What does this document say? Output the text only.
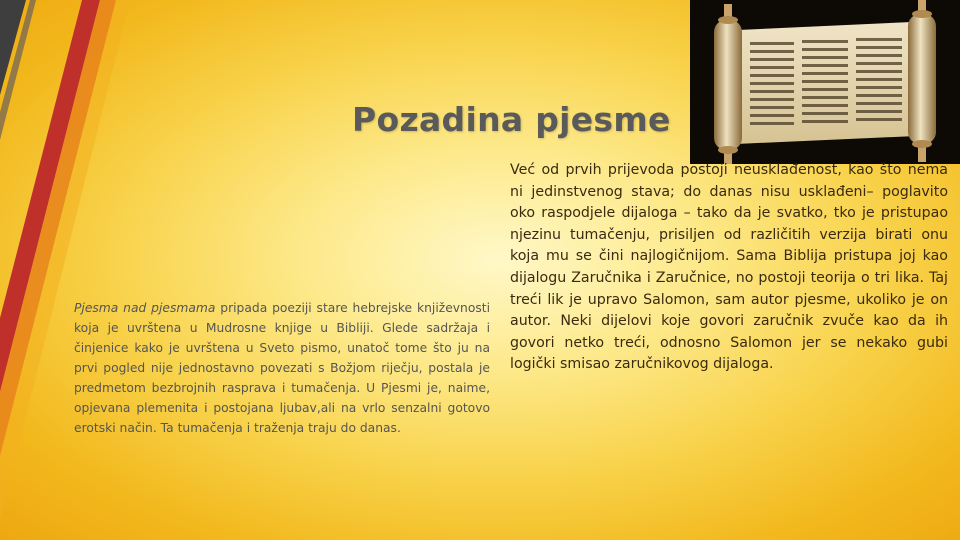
Pozadina pjesme

Pjesma nad pjesmama pripada poeziji stare hebrejske književnosti koja je uvrštena u Mudrosne knjige u Bibliji. Glede sadržaja i činjenice kako je uvrštena u Sveto pismo, unatoč tome što ju na prvi pogled nije jednostavno povezati s Božjom riječju, postala je predmetom bezbrojnih rasprava i tumačenja. U Pjesmi je, naime, opjevana plemenita i postojana ljubav,ali na vrlo senzalni gotovo erotski način. Ta tumačenja i traženja traju do danas.

Već od prvih prijevoda postoji neusklađenost, kao što nema ni jedinstvenog stava; do danas nisu usklađeni– poglavito oko raspodjele dijaloga – tako da je svatko, tko je pristupao njezinu tumačenju, prisiljen od različitih verzija birati onu koja mu se čini najlogičnijom. Sama Biblija pristupa joj kao dijalogu Zaručnika i Zaručnice, no postoji teorija o tri lika. Taj treći lik je upravo Salomon, sam autor pjesme, ukoliko je on autor. Neki dijelovi koje govori zaručnik zvuče kao da ih govori netko treći, odnosno Salomon jer se nekako gubi logički smisao zaručnikovog dijaloga.
